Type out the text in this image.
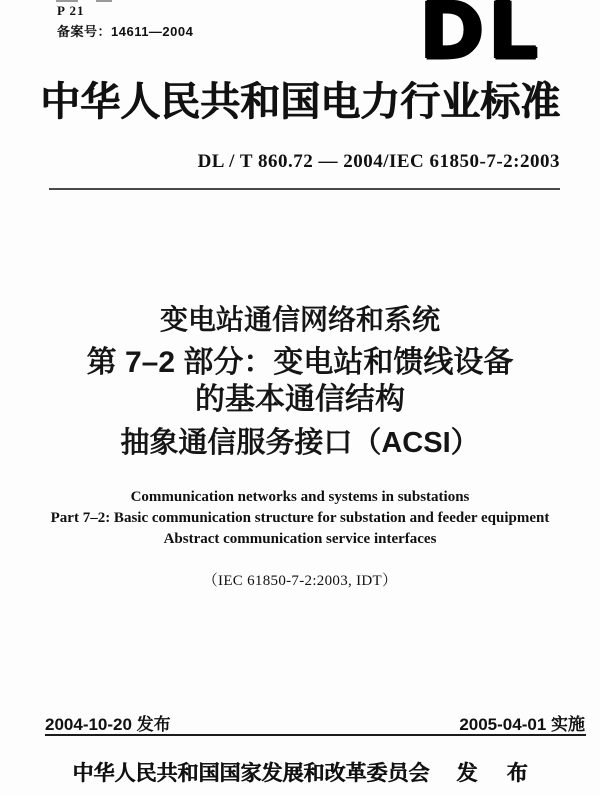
P 21
备案号：14611—2004	DL
中华人民共和国电力行业标准
DL / T 860.72 — 2004/IEC 61850-7-2:2003
变电站通信网络和系统
第 7–2 部分：变电站和馈线设备
的基本通信结构
抽象通信服务接口（ACSI）
Communication networks and systems in substations
Part 7–2: Basic communication structure for substation and feeder equipment
Abstract communication service interfaces
（IEC 61850-7-2:2003, IDT）
2004-10-20 发布	2005-04-01 实施
中华人民共和国国家发展和改革委员会 发 布
